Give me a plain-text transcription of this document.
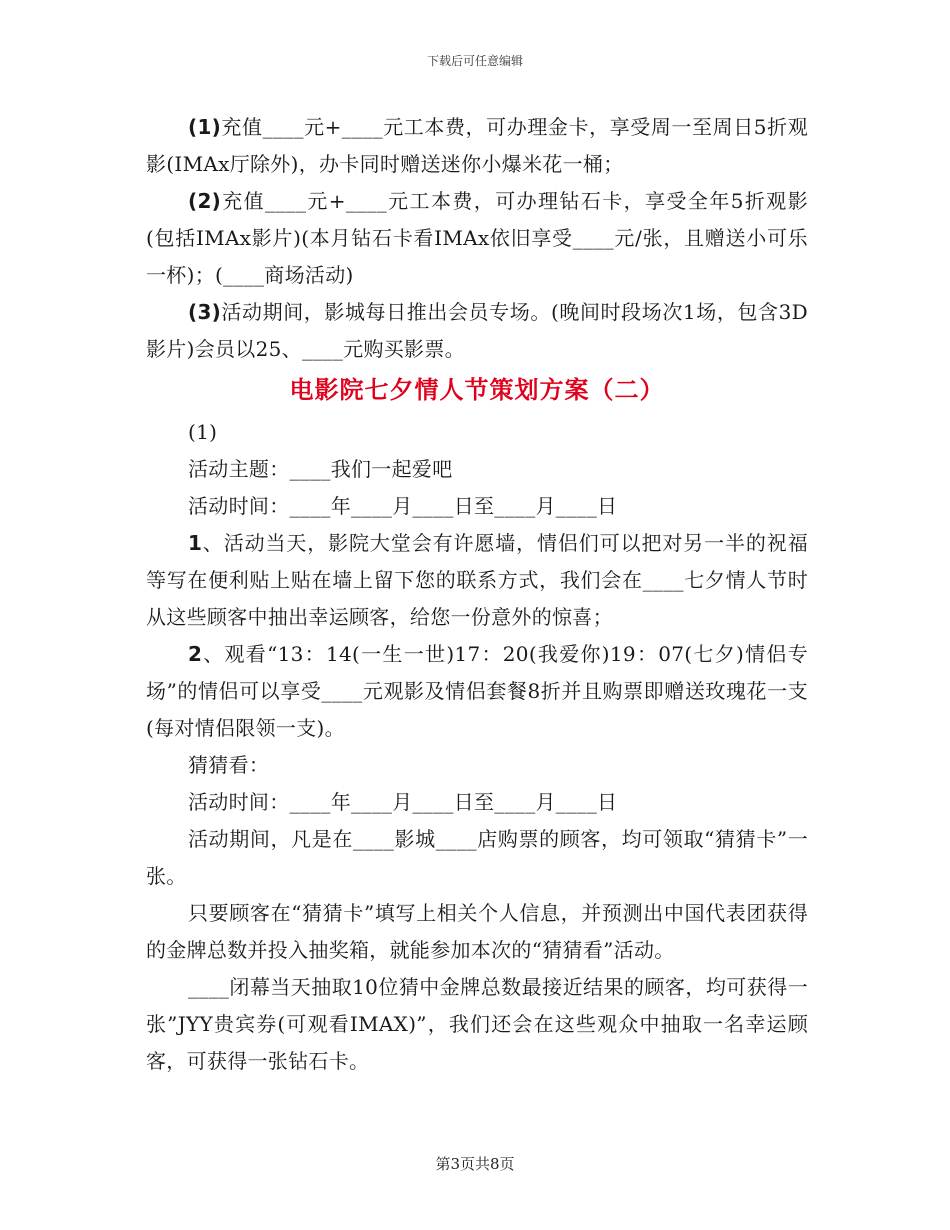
下载后可任意编辑

(1)充值____元+____元工本费，可办理金卡，享受周一至周日5折观影(IMAx厅除外)，办卡同时赠送迷你小爆米花一桶；

(2)充值____元+____元工本费，可办理钻石卡，享受全年5折观影(包括IMAx影片)(本月钻石卡看IMAx依旧享受____元/张，且赠送小可乐一杯)；(____商场活动)

(3)活动期间，影城每日推出会员专场。(晚间时段场次1场，包含3D影片)会员以25、____元购买影票。

电影院七夕情人节策划方案（二）

(1)

活动主题：____我们一起爱吧

活动时间：____年____月____日至____月____日

1、活动当天，影院大堂会有许愿墙，情侣们可以把对另一半的祝福等写在便利贴上贴在墙上留下您的联系方式，我们会在____七夕情人节时从这些顾客中抽出幸运顾客，给您一份意外的惊喜；

2、观看“13：14(一生一世)17：20(我爱你)19：07(七夕)情侣专场”的情侣可以享受____元观影及情侣套餐8折并且购票即赠送玫瑰花一支(每对情侣限领一支)。

猜猜看：

活动时间：____年____月____日至____月____日

活动期间，凡是在____影城____店购票的顾客，均可领取“猜猜卡”一张。

只要顾客在“猜猜卡”填写上相关个人信息，并预测出中国代表团获得的金牌总数并投入抽奖箱，就能参加本次的“猜猜看”活动。

____闭幕当天抽取10位猜中金牌总数最接近结果的顾客，均可获得一张”JYY贵宾券(可观看IMAX)”，我们还会在这些观众中抽取一名幸运顾客，可获得一张钻石卡。

第3页共8页
